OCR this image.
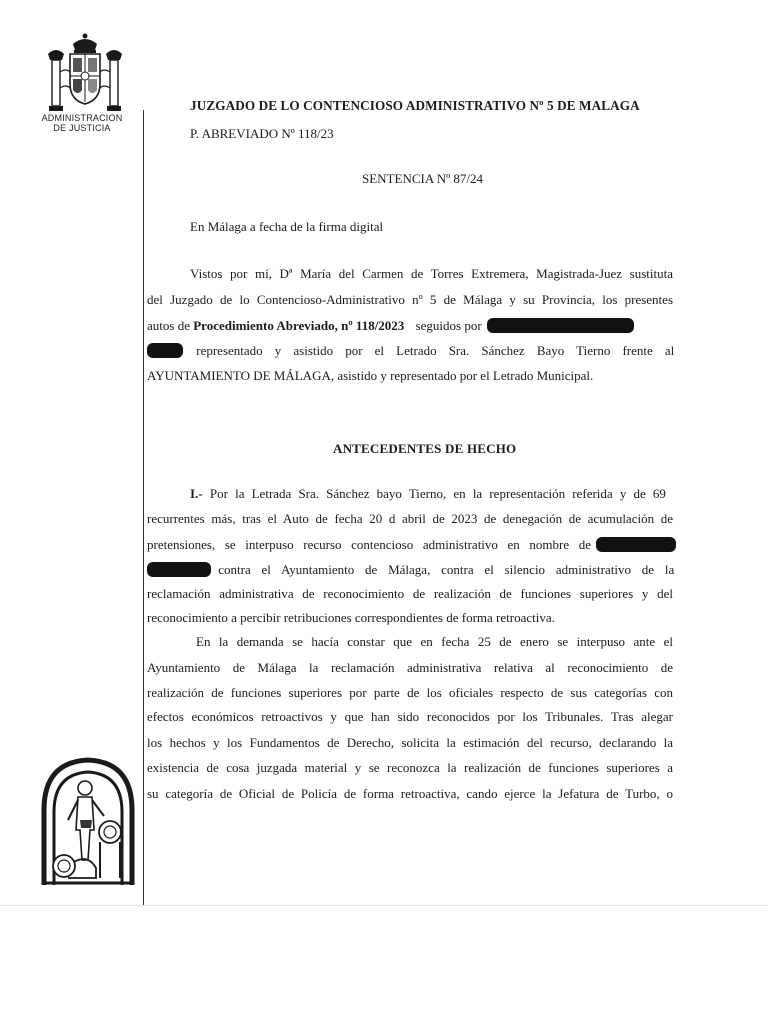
ADMINISTRACION
DE JUSTICIA
JUZGADO DE LO CONTENCIOSO ADMINISTRATIVO Nº 5 DE MALAGA
P. ABREVIADO Nº 118/23
SENTENCIA Nº 87/24
En Málaga a fecha de la firma digital
Vistos por mí, Dª María del Carmen de Torres Extremera, Magistrada-Juez sustituta
del Juzgado de lo Contencioso-Administrativo nº 5 de Málaga y su Provincia, los presentes
autos de Procedimiento Abreviado, nº 118/2023 seguidos por
representado y asistido por el Letrado Sra. Sánchez Bayo Tierno frente al
AYUNTAMIENTO DE MÁLAGA, asistido y representado por el Letrado Municipal.
ANTECEDENTES DE HECHO
I.- Por la Letrada Sra. Sánchez bayo Tierno, en la representación referida y de 69
recurrentes más, tras el Auto de fecha 20 d abril de 2023 de denegación de acumulación de
pretensiones, se interpuso recurso contencioso administrativo en nombre de
contra el Ayuntamiento de Málaga, contra el silencio administrativo de la
reclamación administrativa de reconocimiento de realización de funciones superiores y del
reconocimiento a percibir retribuciones correspondientes de forma retroactiva.
En la demanda se hacía constar que en fecha 25 de enero se interpuso ante el
Ayuntamiento de Málaga la reclamación administrativa relativa al reconocimiento de
realización de funciones superiores por parte de los oficiales respecto de sus categorías con
efectos económicos retroactivos y que han sido reconocidos por los Tribunales. Tras alegar
los hechos y los Fundamentos de Derecho, solicita la estimación del recurso, declarando la
existencia de cosa juzgada material y se reconozca la realización de funciones superiores a
su categoría de Oficial de Policía de forma retroactiva, cando ejerce la Jefatura de Turbo, o
